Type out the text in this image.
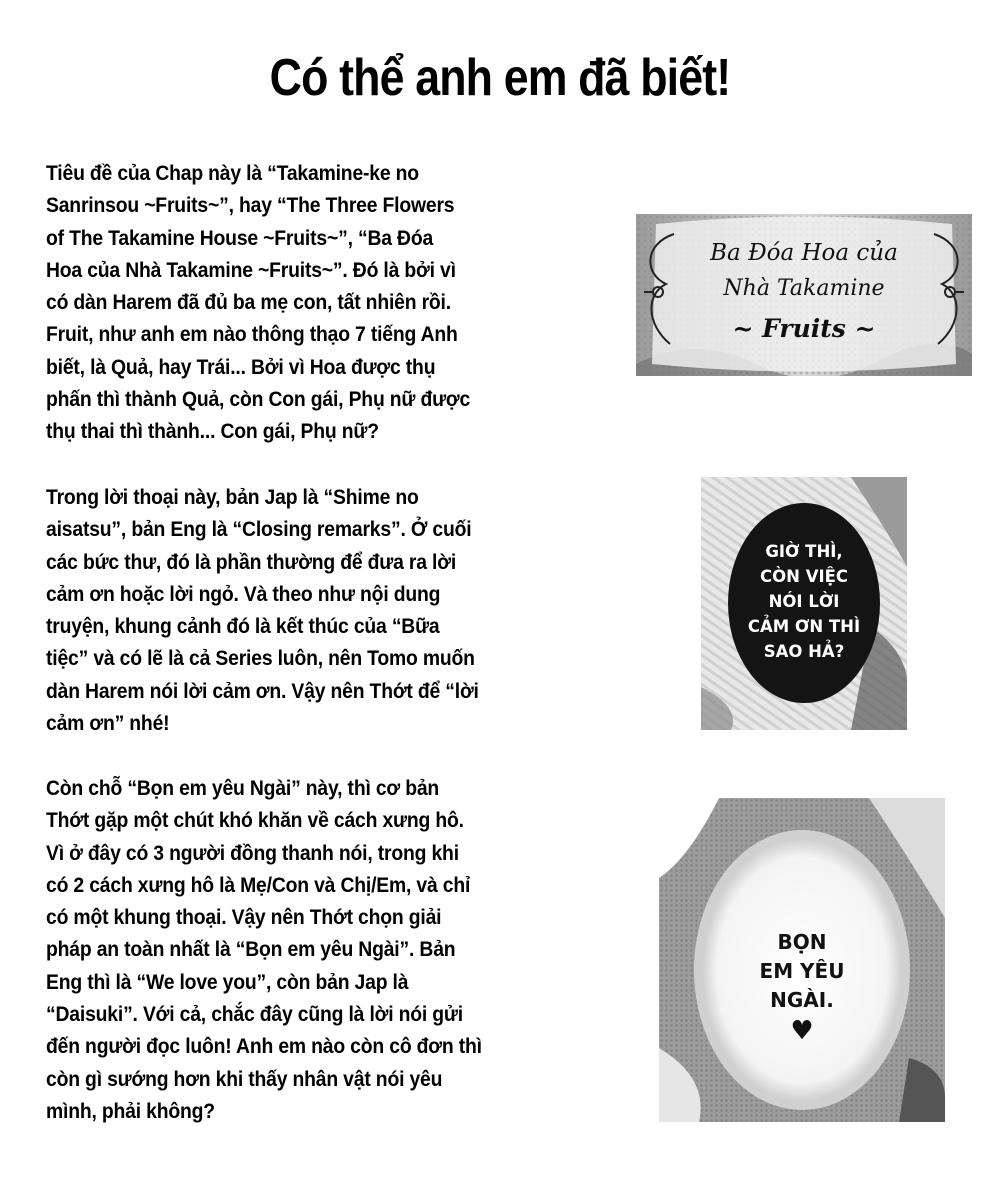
Có thể anh em đã biết!
Tiêu đề của Chap này là “Takamine-ke no
Sanrinsou ~Fruits~”, hay “The Three Flowers
of The Takamine House ~Fruits~”, “Ba Đóa
Hoa của Nhà Takamine ~Fruits~”. Đó là bởi vì
có dàn Harem đã đủ ba mẹ con, tất nhiên rồi.
Fruit, như anh em nào thông thạo 7 tiếng Anh
biết, là Quả, hay Trái... Bởi vì Hoa được thụ
phấn thì thành Quả, còn Con gái, Phụ nữ được
thụ thai thì thành... Con gái, Phụ nữ?
Trong lời thoại này, bản Jap là “Shime no
aisatsu”, bản Eng là “Closing remarks”. Ở cuối
các bức thư, đó là phần thường để đưa ra lời
cảm ơn hoặc lời ngỏ. Và theo như nội dung
truyện, khung cảnh đó là kết thúc của “Bữa
tiệc” và có lẽ là cả Series luôn, nên Tomo muốn
dàn Harem nói lời cảm ơn. Vậy nên Thớt để “lời
cảm ơn” nhé!
Còn chỗ “Bọn em yêu Ngài” này, thì cơ bản
Thớt gặp một chút khó khăn về cách xưng hô.
Vì ở đây có 3 người đồng thanh nói, trong khi
có 2 cách xưng hô là Mẹ/Con và Chị/Em, và chỉ
có một khung thoại. Vậy nên Thớt chọn giải
pháp an toàn nhất là “Bọn em yêu Ngài”. Bản
Eng thì là “We love you”, còn bản Jap là
“Daisuki”. Với cả, chắc đây cũng là lời nói gửi
đến người đọc luôn! Anh em nào còn cô đơn thì
còn gì sướng hơn khi thấy nhân vật nói yêu
mình, phải không?
Ba Đóa Hoa của
Nhà Takamine
~ Fruits ~
GIỜ THÌ,
CÒN VIỆC
NÓI LỜI
CẢM ƠN THÌ
SAO HẢ?
BỌN
EM YÊU
NGÀI.
♥
